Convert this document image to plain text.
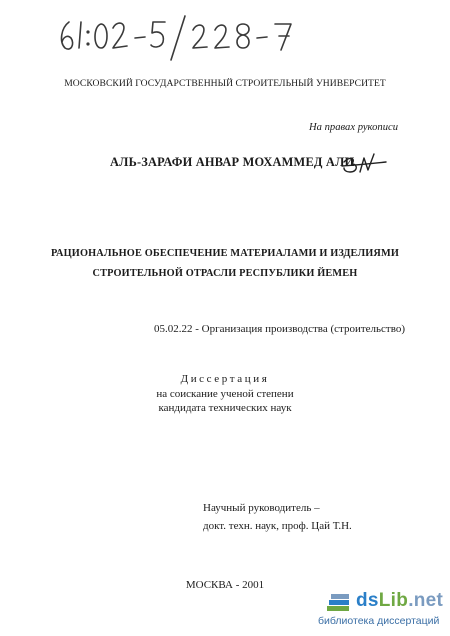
МОСКОВСКИЙ ГОСУДАРСТВЕННЫЙ СТРОИТЕЛЬНЫЙ УНИВЕРСИТЕТ
На правах рукописи
АЛЬ-ЗАРАФИ АНВАР МОХАММЕД АЛИ
РАЦИОНАЛЬНОЕ ОБЕСПЕЧЕНИЕ МАТЕРИАЛАМИ И ИЗДЕЛИЯМИ
СТРОИТЕЛЬНОЙ ОТРАСЛИ РЕСПУБЛИКИ ЙЕМЕН
05.02.22 - Организация производства (строительство)
Диссертация
на соискание ученой степени
кандидата технических наук
Научный руководитель –
докт. техн. наук, проф. Цай Т.Н.
МОСКВА - 2001
dsLib.net
библиотека диссертаций
